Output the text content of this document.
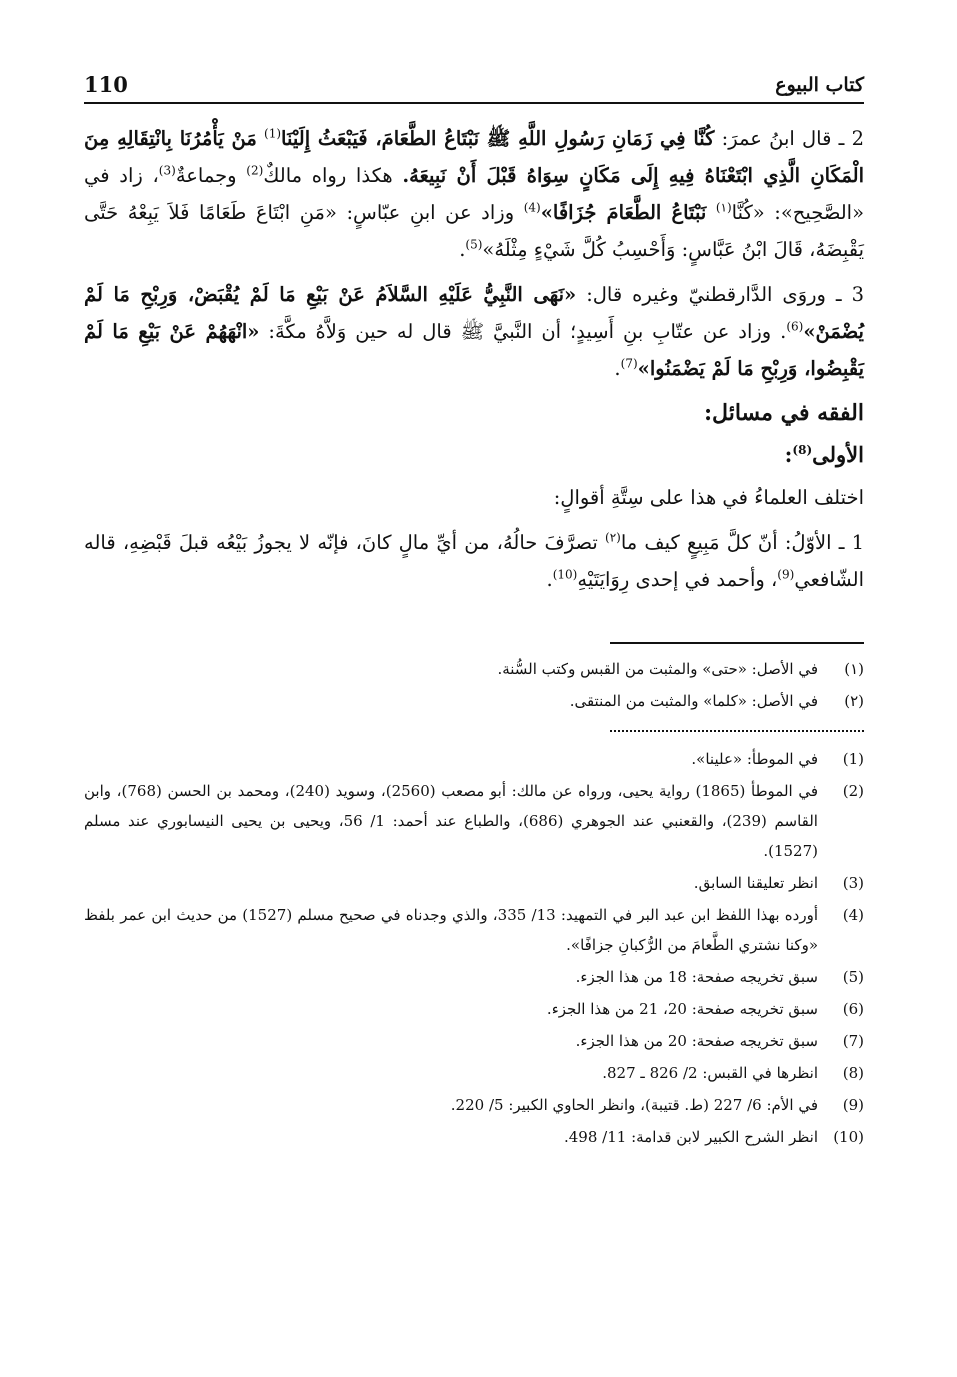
كتاب البيوع
110

2 ـ قال ابنُ عمرَ: كُنَّا فِي زَمَانِ رَسُولِ اللَّهِ ﷺ نَبْتَاعُ الطَّعَامَ، فَيَبْعَثُ إِلَيْنَا$^{(1)}$ مَنْ يَأْمُرُنَا بِانْتِقَالِهِ مِنَ الْمَكَانِ الَّذِي ابْتَعْنَاهُ فِيهِ إِلَى مَكَانٍ سِوَاهُ قَبْلَ أَنْ نَبِيعَهُ. هكذا رواه مالكٌ$^{(2)}$ وجماعةٌ$^{(3)}$، زاد في «الصَّحِيح»: «كُنَّا$^{(١)}$ نَبْتَاعُ الطَّعَامَ جُزَافًا»$^{(4)}$ وزاد عن ابنِ عبّاسٍ: «مَنِ ابْتَاعَ طَعَامًا فَلاَ يَبِعْهُ حَتَّى يَقْبِضَهُ، قَالَ ابْنُ عَبَّاسٍ: وَأَحْسِبُ كُلَّ شَيْءٍ مِثْلَهُ»$^{(5)}$.

3 ـ وروَى الدَّارقطنيّ وغيره قال: «نَهَى النَّبِيُّ عَلَيْهِ السَّلاَمُ عَنْ بَيْعِ مَا لَمْ يُقْبَضْ، وَرِبْحِ مَا لَمْ يُضْمَنْ»$^{(6)}$. وزاد عن عتّابِ بنِ أَسِيدٍ؛ أن النَّبيَّ ﷺ قال له حين وَلاَّهُ مكَّةَ: «انْهَهُمْ عَنْ بَيْعِ مَا لَمْ يَقْبِضُوا، وَرِبْحِ مَا لَمْ يَضْمَنُوا»$^{(7)}$.

الفقه في مسائل:
الأولى$^{(8)}$:

اختلف العلماءُ في هذا على سِتَّةِ أقوالٍ:

1 ـ الأوّلُ: أنّ كلَّ مَبِيعٍ كيف ما$^{(٢)}$ تصرَّفَ حالُهُ، من أيِّ مالٍ كانَ، فإنّه لا يجوزُ بَيْعُه قبلَ قَبْضِهِ، قاله الشّافعي$^{(9)}$، وأحمد في إحدى رِوَايَتَيْهِ$^{(10)}$.

(١)
في الأصل: «حتى» والمثبت من القبس وكتب السُّنة.
(٢)
في الأصل: «كلما» والمثبت من المنتقى.
(1)
في الموطأ: «علينا».
(2)
في الموطأ (1865) رواية يحيى، ورواه عن مالك: أبو مصعب (2560)، وسويد (240)، ومحمد بن الحسن (768)، وابن القاسم (239)، والقعنبي عند الجوهري (686)، والطباع عند أحمد: 1/ 56، ويحيى بن يحيى النيسابوري عند مسلم (1527).
(3)
انظر تعليقنا السابق.
(4)
أورده بهذا اللفظ ابن عبد البر في التمهيد: 13/ 335، والذي وجدناه في صحيح مسلم (1527) من حديث ابن عمر بلفظ «وكنا نشتري الطَّعامَ من الرُّكبانِ جزافًا».
(5)
سبق تخريجه صفحة: 18 من هذا الجزء.
(6)
سبق تخريجه صفحة: 20، 21 من هذا الجزء.
(7)
سبق تخريجه صفحة: 20 من هذا الجزء.
(8)
انظرها في القبس: 2/ 826 ـ 827.
(9)
في الأم: 6/ 227 (ط. قتيبة)، وانظر الحاوي الكبير: 5/ 220.
(10)
انظر الشرح الكبير لابن قدامة: 11/ 498.
